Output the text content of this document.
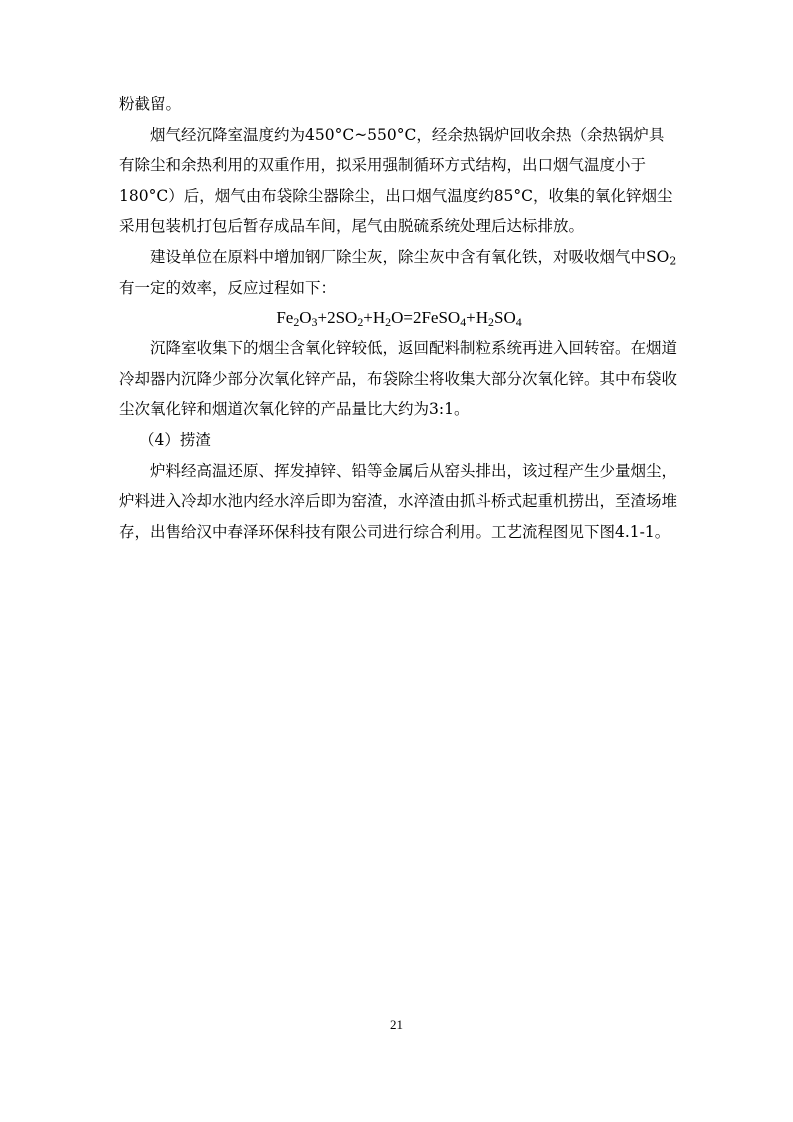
粉截留。

烟气经沉降室温度约为450°C~550°C，经余热锅炉回收余热（余热锅炉具有除尘和余热利用的双重作用，拟采用强制循环方式结构，出口烟气温度小于180°C）后，烟气由布袋除尘器除尘，出口烟气温度约85°C，收集的氧化锌烟尘采用包装机打包后暂存成品车间，尾气由脱硫系统处理后达标排放。

建设单位在原料中增加钢厂除尘灰，除尘灰中含有氧化铁，对吸收烟气中$SO_2$有一定的效率，反应过程如下：

$Fe_2O_3+2SO_2+H_2O=2FeSO_4+H_2SO_4$

沉降室收集下的烟尘含氧化锌较低，返回配料制粒系统再进入回转窑。在烟道冷却器内沉降少部分次氧化锌产品，布袋除尘将收集大部分次氧化锌。其中布袋收尘次氧化锌和烟道次氧化锌的产品量比大约为3:1。

（4）捞渣

炉料经高温还原、挥发掉锌、铅等金属后从窑头排出，该过程产生少量烟尘，炉料进入冷却水池内经水淬后即为窑渣，水淬渣由抓斗桥式起重机捞出，至渣场堆存，出售给汉中春泽环保科技有限公司进行综合利用。工艺流程图见下图4.1-1。

21
